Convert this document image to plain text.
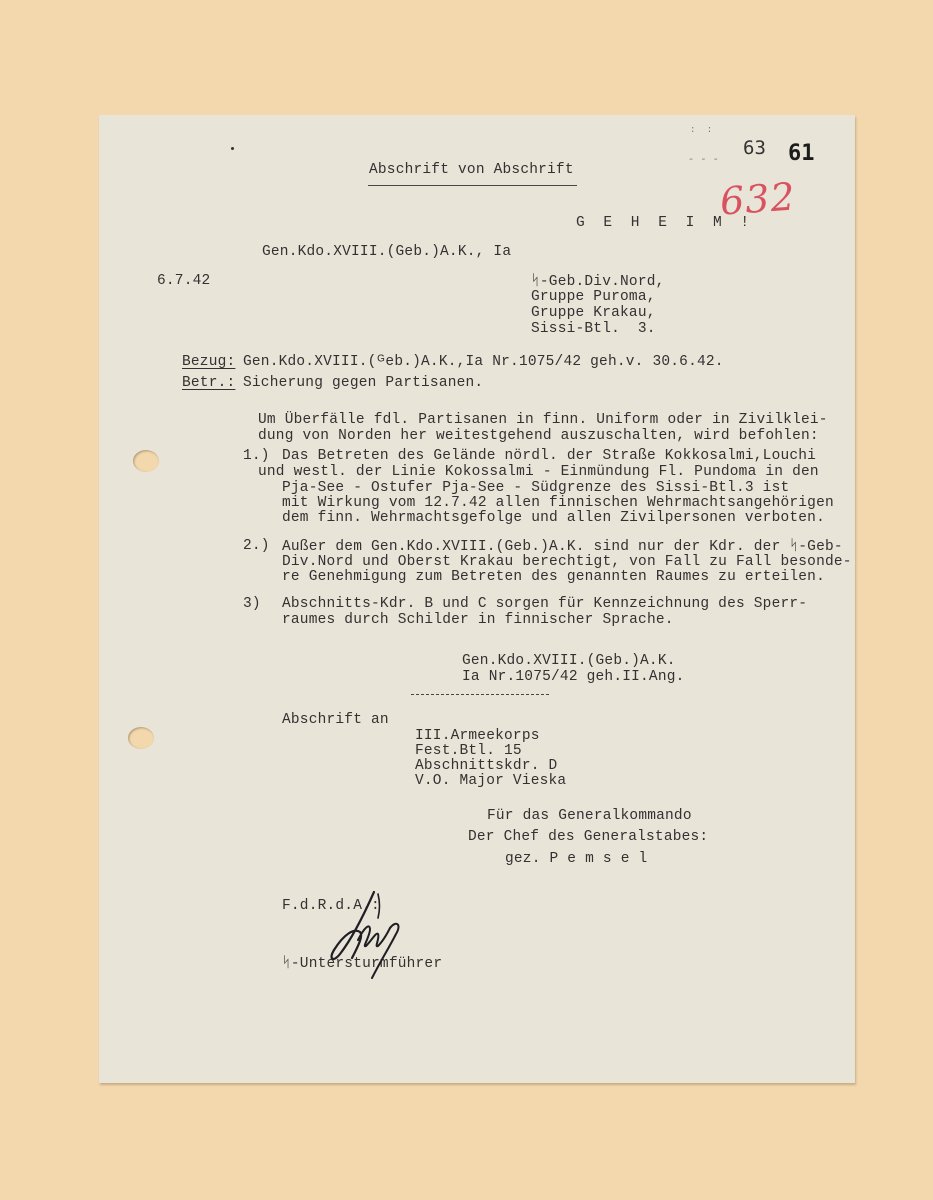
:  :
- - -
63 61
632
Abschrift von Abschrift
G E H E I M !
Gen.Kdo.XVIII.(Geb.)A.K., Ia
6.7.42	ᛋ-Geb.Div.Nord,
Gruppe Puroma,
Gruppe Krakau,
Sissi-Btl.  3.
Bezug: Gen.Kdo.XVIII.(ᴳeb.)A.K.,Ia Nr.1075/42 geh.v. 30.6.42.
Betr.: Sicherung gegen Partisanen.
Um Überfälle fdl. Partisanen in finn. Uniform oder in Zivilklei-
dung von Norden her weitestgehend auszuschalten, wird befohlen:
1.) Das Betreten des Gelände nördl. der Straße Kokkosalmi,Louchi
und westl. der Linie Kokossalmi - Einmündung Fl. Pundoma in den
Pja-See - Ostufer Pja-See - Südgrenze des Sissi-Btl.3 ist
mit Wirkung vom 12.7.42 allen finnischen Wehrmachtsangehörigen
dem finn. Wehrmachtsgefolge und allen Zivilpersonen verboten.
2.) Außer dem Gen.Kdo.XVIII.(Geb.)A.K. sind nur der Kdr. der ᛋ-Geb-
Div.Nord und Oberst Krakau berechtigt, von Fall zu Fall besonde-
re Genehmigung zum Betreten des genannten Raumes zu erteilen.
3) Abschnitts-Kdr. B und C sorgen für Kennzeichnung des Sperr-
raumes durch Schilder in finnischer Sprache.
Gen.Kdo.XVIII.(Geb.)A.K.
Ia Nr.1075/42 geh.II.Ang.
Abschrift an
III.Armeekorps
Fest.Btl. 15
Abschnittskdr. D
V.O. Major Vieska
Für das Generalkommando
Der Chef des Generalstabes:
gez. P e m s e l
F.d.R.d.A.:
ᛋ-Untersturmführer
